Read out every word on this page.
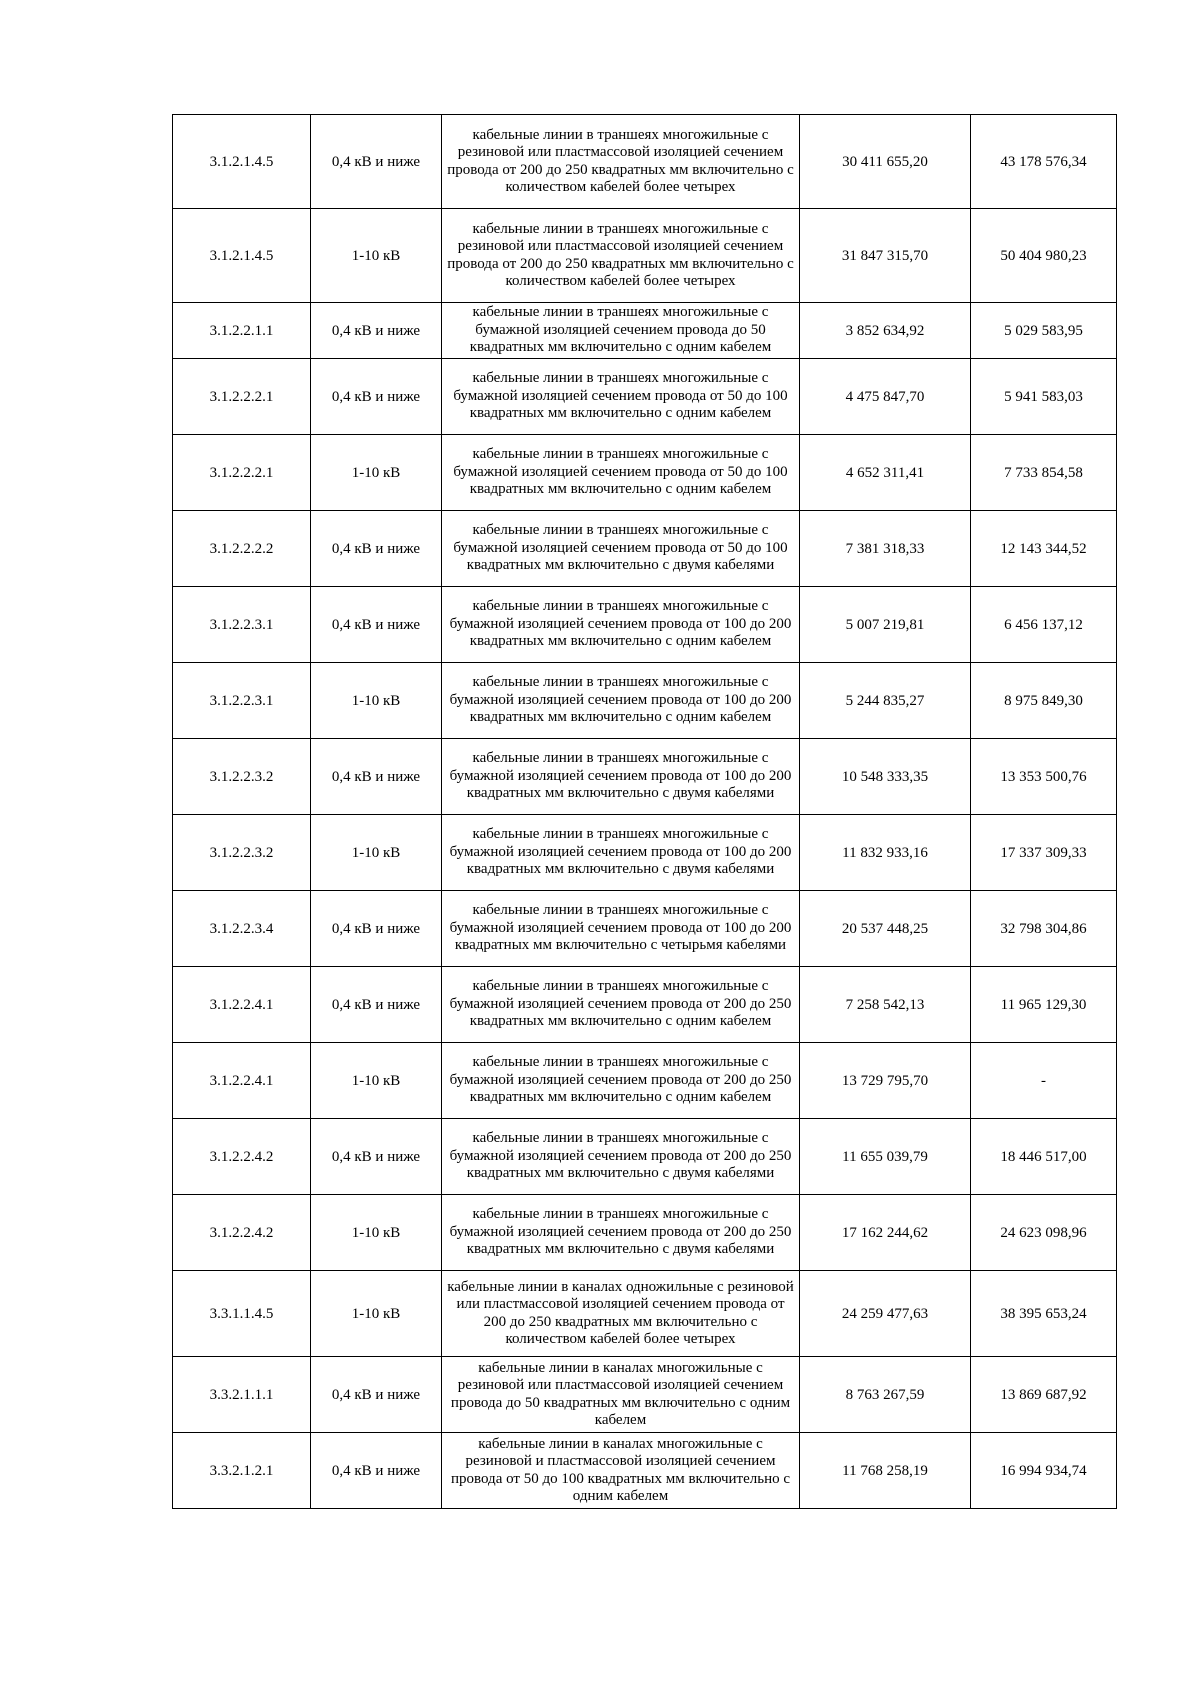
3.1.2.1.4.5	0,4 кВ и ниже	кабельные линии в траншеях многожильные с резиновой или пластмассовой изоляцией сечением провода от 200 до 250 квадратных мм включительно с количеством кабелей более четырех	30 411 655,20	43 178 576,34
3.1.2.1.4.5	1-10 кВ	кабельные линии в траншеях многожильные с резиновой или пластмассовой изоляцией сечением провода от 200 до 250 квадратных мм включительно с количеством кабелей более четырех	31 847 315,70	50 404 980,23
3.1.2.2.1.1	0,4 кВ и ниже	кабельные линии в траншеях многожильные с бумажной изоляцией сечением провода до 50 квадратных мм включительно с одним кабелем	3 852 634,92	5 029 583,95
3.1.2.2.2.1	0,4 кВ и ниже	кабельные линии в траншеях многожильные с бумажной изоляцией сечением провода от 50 до 100 квадратных мм включительно с одним кабелем	4 475 847,70	5 941 583,03
3.1.2.2.2.1	1-10 кВ	кабельные линии в траншеях многожильные с бумажной изоляцией сечением провода от 50 до 100 квадратных мм включительно с одним кабелем	4 652 311,41	7 733 854,58
3.1.2.2.2.2	0,4 кВ и ниже	кабельные линии в траншеях многожильные с бумажной изоляцией сечением провода от 50 до 100 квадратных мм включительно с двумя кабелями	7 381 318,33	12 143 344,52
3.1.2.2.3.1	0,4 кВ и ниже	кабельные линии в траншеях многожильные с бумажной изоляцией сечением провода от 100 до 200 квадратных мм включительно с одним кабелем	5 007 219,81	6 456 137,12
3.1.2.2.3.1	1-10 кВ	кабельные линии в траншеях многожильные с бумажной изоляцией сечением провода от 100 до 200 квадратных мм включительно с одним кабелем	5 244 835,27	8 975 849,30
3.1.2.2.3.2	0,4 кВ и ниже	кабельные линии в траншеях многожильные с бумажной изоляцией сечением провода от 100 до 200 квадратных мм включительно с двумя кабелями	10 548 333,35	13 353 500,76
3.1.2.2.3.2	1-10 кВ	кабельные линии в траншеях многожильные с бумажной изоляцией сечением провода от 100 до 200 квадратных мм включительно с двумя кабелями	11 832 933,16	17 337 309,33
3.1.2.2.3.4	0,4 кВ и ниже	кабельные линии в траншеях многожильные с бумажной изоляцией сечением провода от 100 до 200 квадратных мм включительно с четырьмя кабелями	20 537 448,25	32 798 304,86
3.1.2.2.4.1	0,4 кВ и ниже	кабельные линии в траншеях многожильные с бумажной изоляцией сечением провода от 200 до 250 квадратных мм включительно с одним кабелем	7 258 542,13	11 965 129,30
3.1.2.2.4.1	1-10 кВ	кабельные линии в траншеях многожильные с бумажной изоляцией сечением провода от 200 до 250 квадратных мм включительно с одним кабелем	13 729 795,70	-
3.1.2.2.4.2	0,4 кВ и ниже	кабельные линии в траншеях многожильные с бумажной изоляцией сечением провода от 200 до 250 квадратных мм включительно с двумя кабелями	11 655 039,79	18 446 517,00
3.1.2.2.4.2	1-10 кВ	кабельные линии в траншеях многожильные с бумажной изоляцией сечением провода от 200 до 250 квадратных мм включительно с двумя кабелями	17 162 244,62	24 623 098,96
3.3.1.1.4.5	1-10 кВ	кабельные линии в каналах одножильные с резиновой или пластмассовой изоляцией сечением провода от 200 до 250 квадратных мм включительно с количеством кабелей более четырех	24 259 477,63	38 395 653,24
3.3.2.1.1.1	0,4 кВ и ниже	кабельные линии в каналах многожильные с резиновой или пластмассовой изоляцией сечением провода до 50 квадратных мм включительно с одним кабелем	8 763 267,59	13 869 687,92
3.3.2.1.2.1	0,4 кВ и ниже	кабельные линии в каналах многожильные с резиновой и пластмассовой изоляцией сечением провода от 50 до 100 квадратных мм включительно с одним кабелем	11 768 258,19	16 994 934,74
